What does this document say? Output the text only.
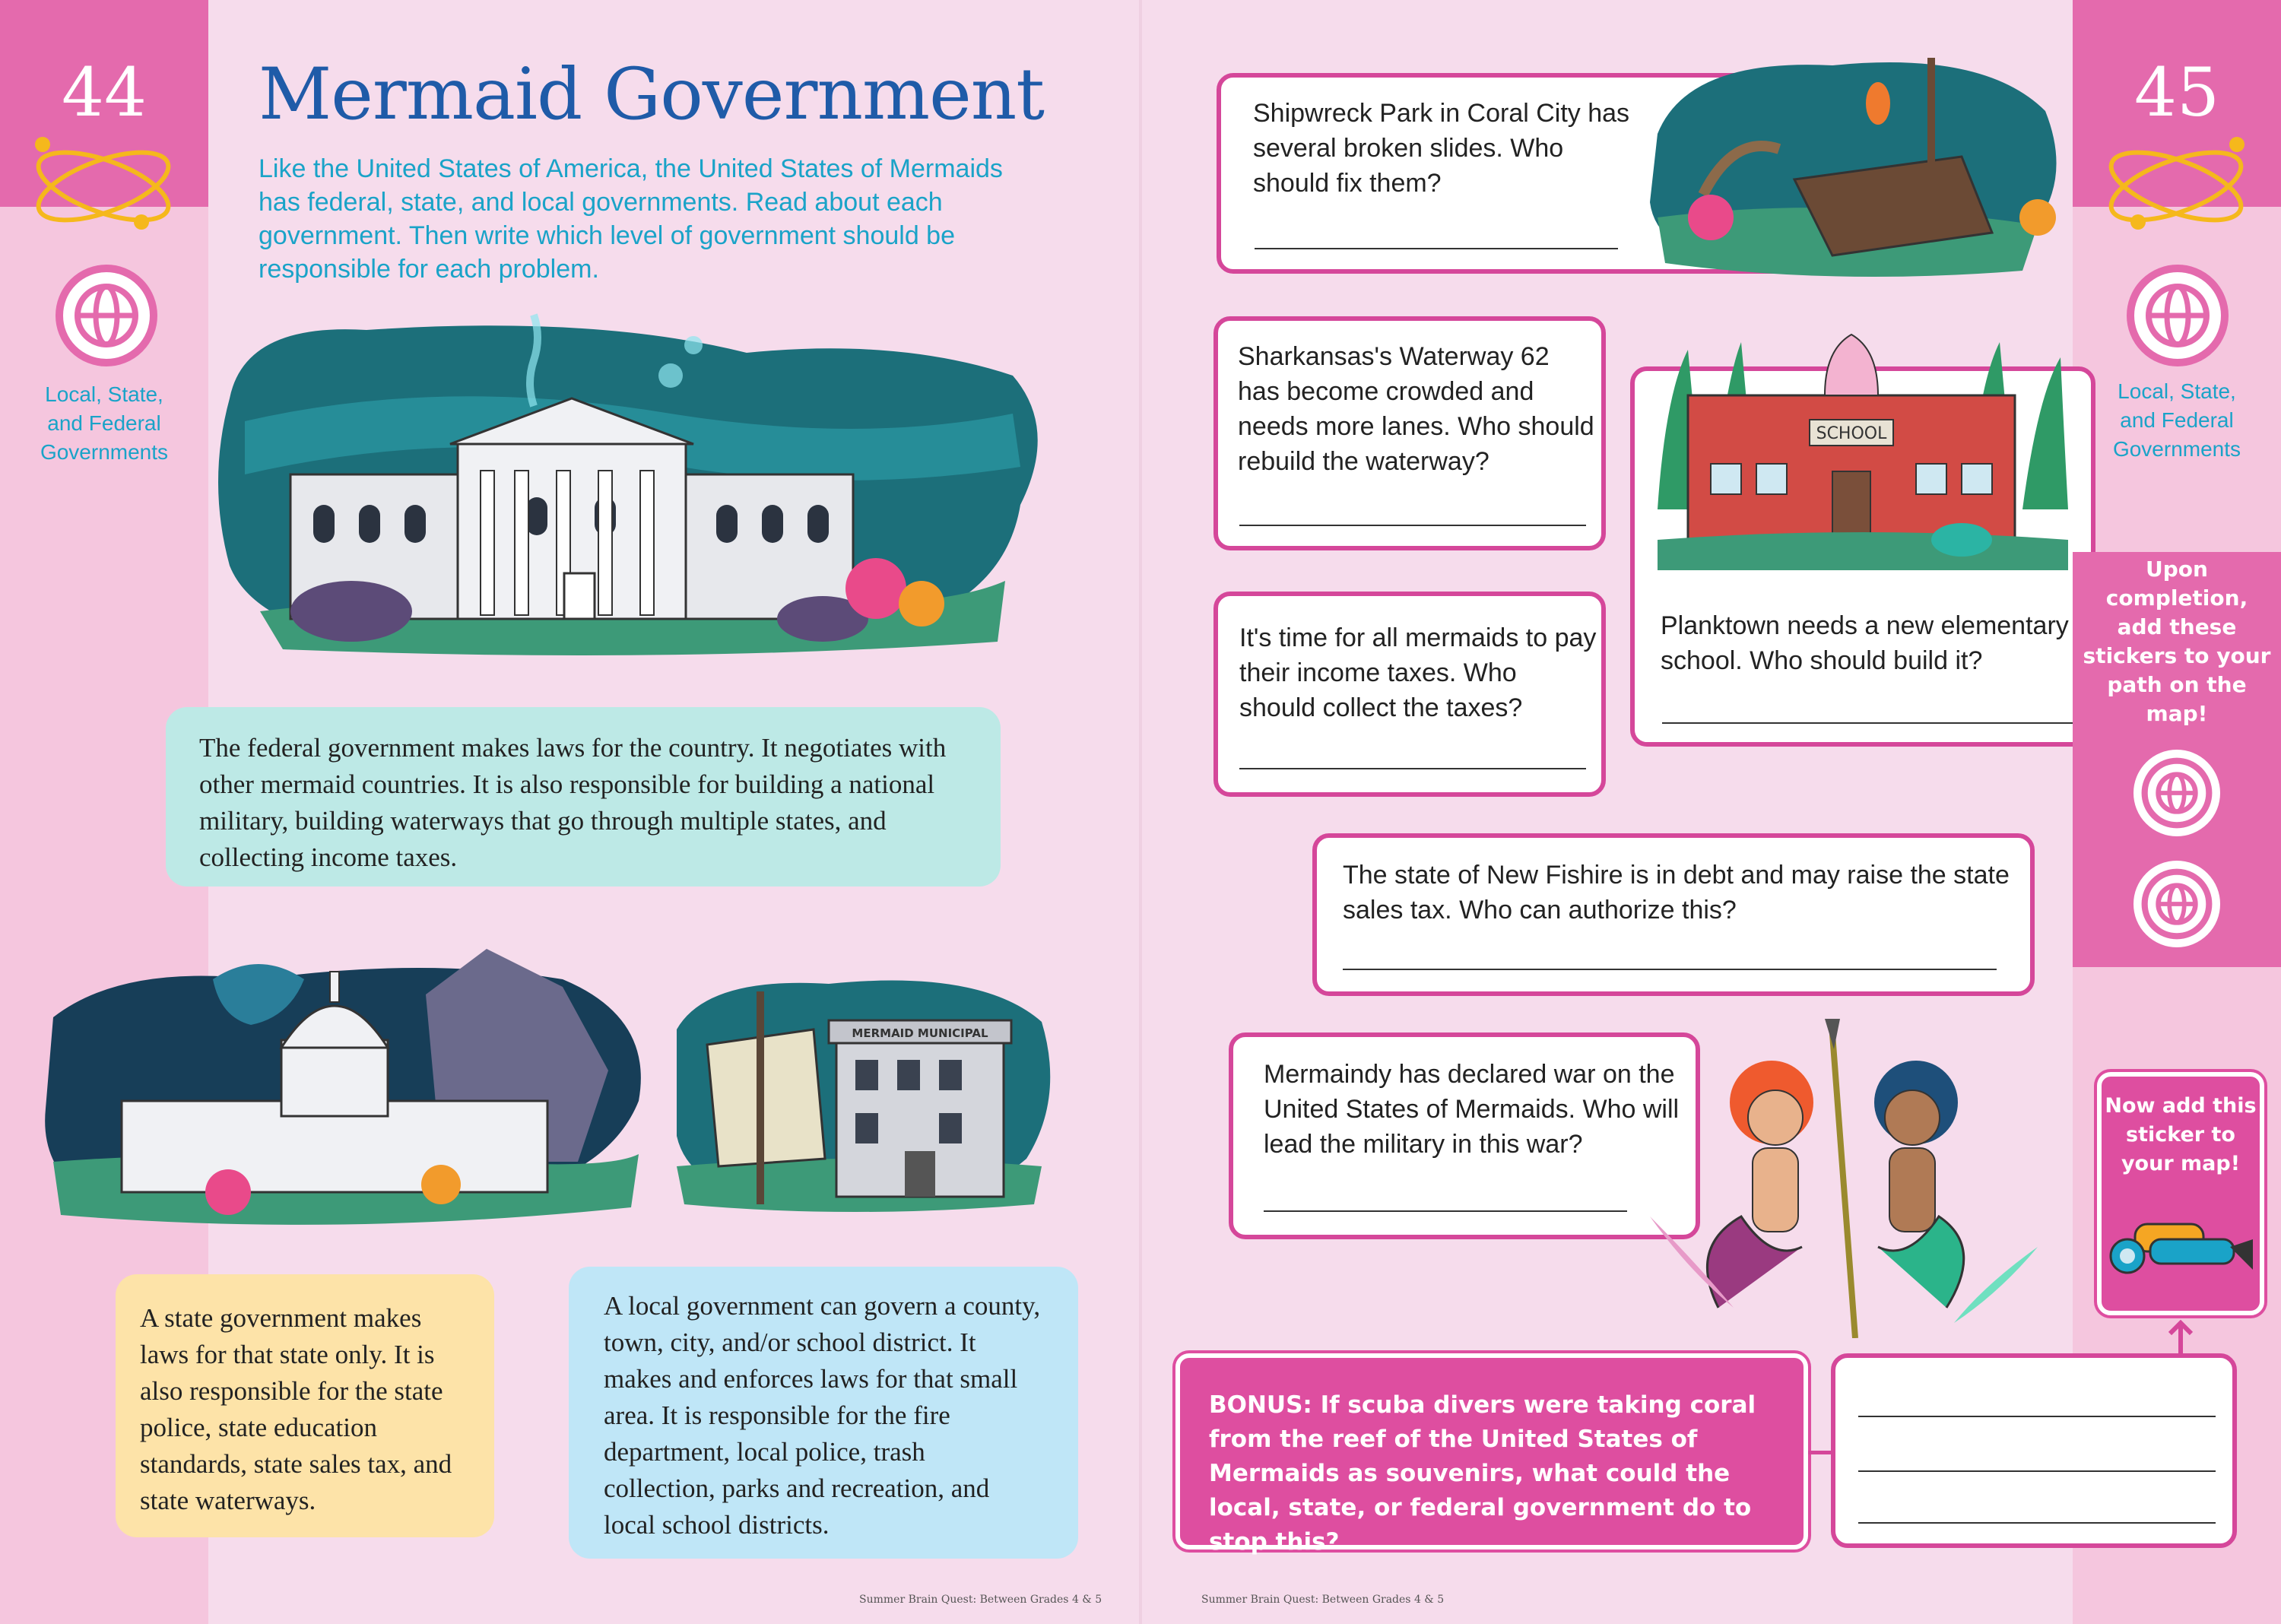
44
Local, State,
and Federal
Governments
45
Local, State,
and Federal
Governments
Mermaid Government
Like the United States of America, the United States of Mermaids has federal, state, and local governments. Read about each government. Then write which level of government should be responsible for each problem.
The federal government makes laws for the country. It negotiates with other mermaid countries. It is also responsible for building a national military, building waterways that go through multiple states, and collecting income taxes.
MERMAID MUNICIPAL
A state government makes laws for that state only. It is also responsible for the state police, state education standards, state sales tax, and state waterways.
A local government can govern a county, town, city, and/or school district. It makes and enforces laws for that small area. It is responsible for the fire department, local police, trash collection, parks and recreation, and local school districts.
Shipwreck Park in Coral City has several broken slides. Who should fix them?
Sharkansas's Waterway 62 has become crowded and needs more lanes. Who should rebuild the waterway?
It's time for all mermaids to pay their income taxes. Who should collect the taxes?
Planktown needs a new elementary school. Who should build it?
SCHOOL
The state of New Fishire is in debt and may raise the state sales tax. Who can authorize this?
Mermaindy has declared war on the United States of Mermaids. Who will lead the military in this war?
Upon completion, add these stickers to your path on the map!
Now add this sticker to your map!
BONUS: If scuba divers were taking coral from the reef of the United States of Mermaids as souvenirs, what could the local, state, or federal government do to stop this?
Summer Brain Quest: Between Grades 4 & 5	Summer Brain Quest: Between Grades 4 & 5
